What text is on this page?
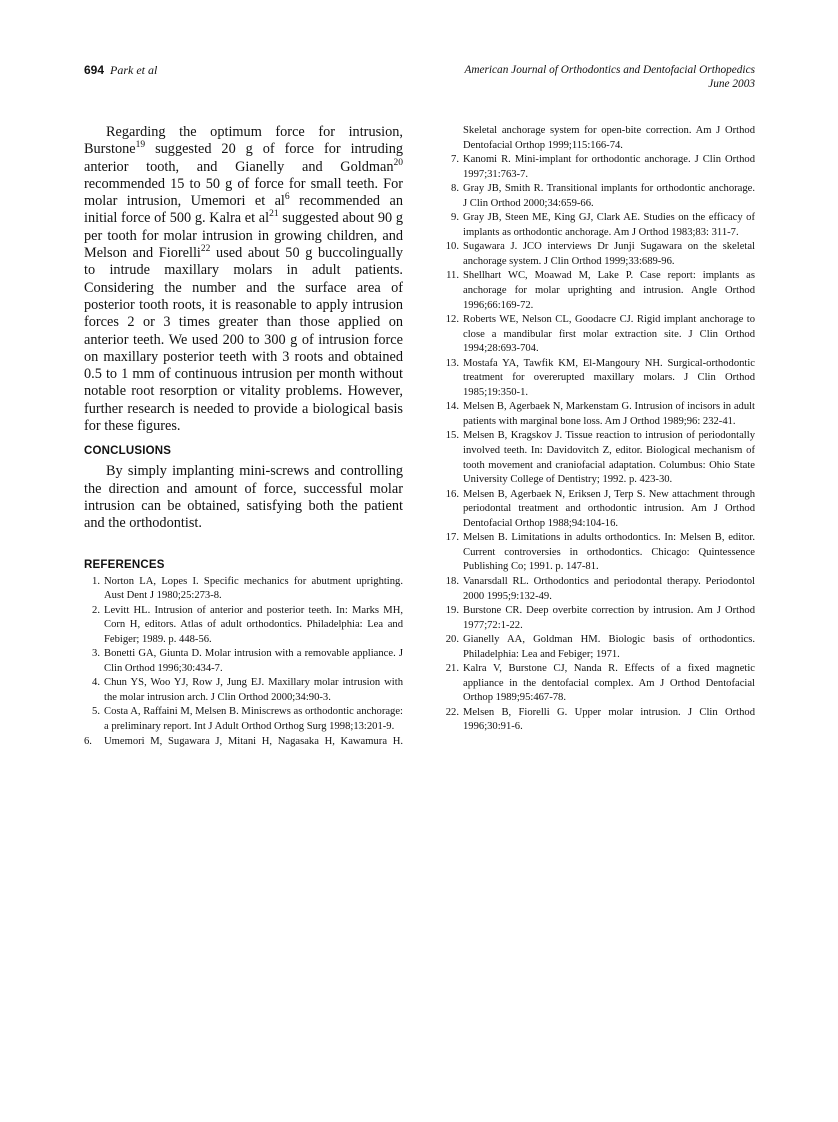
694 Park et al	American Journal of Orthodontics and Dentofacial Orthopedics
June 2003

Regarding the optimum force for intrusion, Burstone$^{19}$ suggested 20 g of force for intruding anterior tooth, and Gianelly and Goldman$^{20}$ recommended 15 to 50 g of force for small teeth. For molar intrusion, Umemori et $al^6$ recommended an initial force of 500 g. Kalra et $al^{21}$ suggested about 90 g per tooth for molar intrusion in growing children, and Melson and Fiorelli$^{22}$ used about 50 g buccolingually to intrude maxillary molars in adult patients. Considering the number and the surface area of posterior tooth roots, it is reasonable to apply intrusion forces 2 or 3 times greater than those applied on anterior teeth. We used 200 to 300 g of intrusion force on maxillary posterior teeth with 3 roots and obtained 0.5 to 1 mm of continuous intrusion per month without notable root resorption or vitality problems. However, further research is needed to provide a biological basis for these figures.

CONCLUSIONS

By simply implanting mini-screws and controlling the direction and amount of force, successful molar intrusion can be obtained, satisfying both the patient and the orthodontist.

REFERENCES
1. Norton LA, Lopes I. Specific mechanics for abutment uprighting. Aust Dent J 1980;25:273-8.
2. Levitt HL. Intrusion of anterior and posterior teeth. In: Marks MH, Corn H, editors. Atlas of adult orthodontics. Philadelphia: Lea and Febiger; 1989. p. 448-56.
3. Bonetti GA, Giunta D. Molar intrusion with a removable appliance. J Clin Orthod 1996;30:434-7.
4. Chun YS, Woo YJ, Row J, Jung EJ. Maxillary molar intrusion with the molar intrusion arch. J Clin Orthod 2000;34:90-3.
5. Costa A, Raffaini M, Melsen B. Miniscrews as orthodontic anchorage: a preliminary report. Int J Adult Orthod Orthog Surg 1998;13:201-9.
6.	Umemori M, Sugawara J, Mitani H, Nagasaka H, Kawamura H.
Skeletal anchorage system for open-bite correction. Am J Orthod Dentofacial Orthop 1999;115:166-74.
7. Kanomi R. Mini-implant for orthodontic anchorage. J Clin Orthod 1997;31:763-7.
8. Gray JB, Smith R. Transitional implants for orthodontic anchorage. J Clin Orthod 2000;34:659-66.
9. Gray JB, Steen ME, King GJ, Clark AE. Studies on the efficacy of implants as orthodontic anchorage. Am J Orthod 1983;83: 311-7.
10. Sugawara J. JCO interviews Dr Junji Sugawara on the skeletal anchorage system. J Clin Orthod 1999;33:689-96.
11. Shellhart WC, Moawad M, Lake P. Case report: implants as anchorage for molar uprighting and intrusion. Angle Orthod 1996;66:169-72.
12. Roberts WE, Nelson CL, Goodacre CJ. Rigid implant anchorage to close a mandibular first molar extraction site. J Clin Orthod 1994;28:693-704.
13. Mostafa YA, Tawfik KM, El-Mangoury NH. Surgical-orthodontic treatment for overerupted maxillary molars. J Clin Orthod 1985;19:350-1.
14. Melsen B, Agerbaek N, Markenstam G. Intrusion of incisors in adult patients with marginal bone loss. Am J Orthod 1989;96: 232-41.
15. Melsen B, Kragskov J. Tissue reaction to intrusion of periodontally involved teeth. In: Davidovitch Z, editor. Biological mechanism of tooth movement and craniofacial adaptation. Columbus: Ohio State University College of Dentistry; 1992. p. 423-30.
16. Melsen B, Agerbaek N, Eriksen J, Terp S. New attachment through periodontal treatment and orthodontic intrusion. Am J Orthod Dentofacial Orthop 1988;94:104-16.
17. Melsen B. Limitations in adults orthodontics. In: Melsen B, editor. Current controversies in orthodontics. Chicago: Quintessence Publishing Co; 1991. p. 147-81.
18. Vanarsdall RL. Orthodontics and periodontal therapy. Periodontol 2000 1995;9:132-49.
19. Burstone CR. Deep overbite correction by intrusion. Am J Orthod 1977;72:1-22.
20. Gianelly AA, Goldman HM. Biologic basis of orthodontics. Philadelphia: Lea and Febiger; 1971.
21. Kalra V, Burstone CJ, Nanda R. Effects of a fixed magnetic appliance in the dentofacial complex. Am J Orthod Dentofacial Orthop 1989;95:467-78.
22. Melsen B, Fiorelli G. Upper molar intrusion. J Clin Orthod 1996;30:91-6.
